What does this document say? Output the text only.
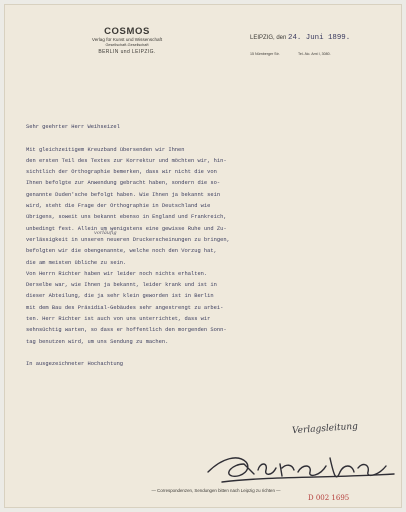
COSMOS
Verlag für Kunst und Wissenschaft
Gesellschaft-Gesellschaft
BERLIN und LEIPZIG.
LEIPZIG, den 24. Juni 1899.
15 Nürnberger Str.	Tel.-No. Amt I, 3080.
Sehr geehrter Herr Weihseizel
Mit gleichzeitigem Kreuzband übersenden wir Ihnen
den ersten Teil des Textes zur Korrektur und möchten wir, hin-
sichtlich der Orthographie bemerken, dass wir nicht die von
Ihnen befolgte zur Anwendung gebracht haben, sondern die so-
genannte Duden'sche befolgt haben. Wie Ihnen ja bekannt sein
wird, steht die Frage der Orthographie in Deutschland wie
übrigens, soweit uns bekannt ebenso in England und Frankreich,
unbedingt fest. Allein um wenigstens eine gewisse Ruhe und Zu-
verlässigkeit in unseren neueren Druckerscheinungen zu bringen,
befolgten wir die obengenannte, welche noch den Vorzug hat,
die am meisten übliche zu sein.
Von Herrn Richter haben wir leider noch nichts erhalten.
Derselbe war, wie Ihnen ja bekannt, leider krank und ist in
dieser Abteilung, die ja sehr klein geworden ist in Berlin
mit dem Bau des Präsidial-Gebäudes sehr angestrengt zu arbei-
ten. Herr Richter ist auch von uns unterrichtet, dass wir
sehnsüchtig warten, so dass er hoffentlich den morgenden Sonn-
tag benutzen wird, um uns Sendung zu machen.
In ausgezeichneter Hochachtung
vorläufig
Verlagsleitung
— Correspondenzen, Sendungen bitten nach Leipzig zu richten —
D 002 1695
